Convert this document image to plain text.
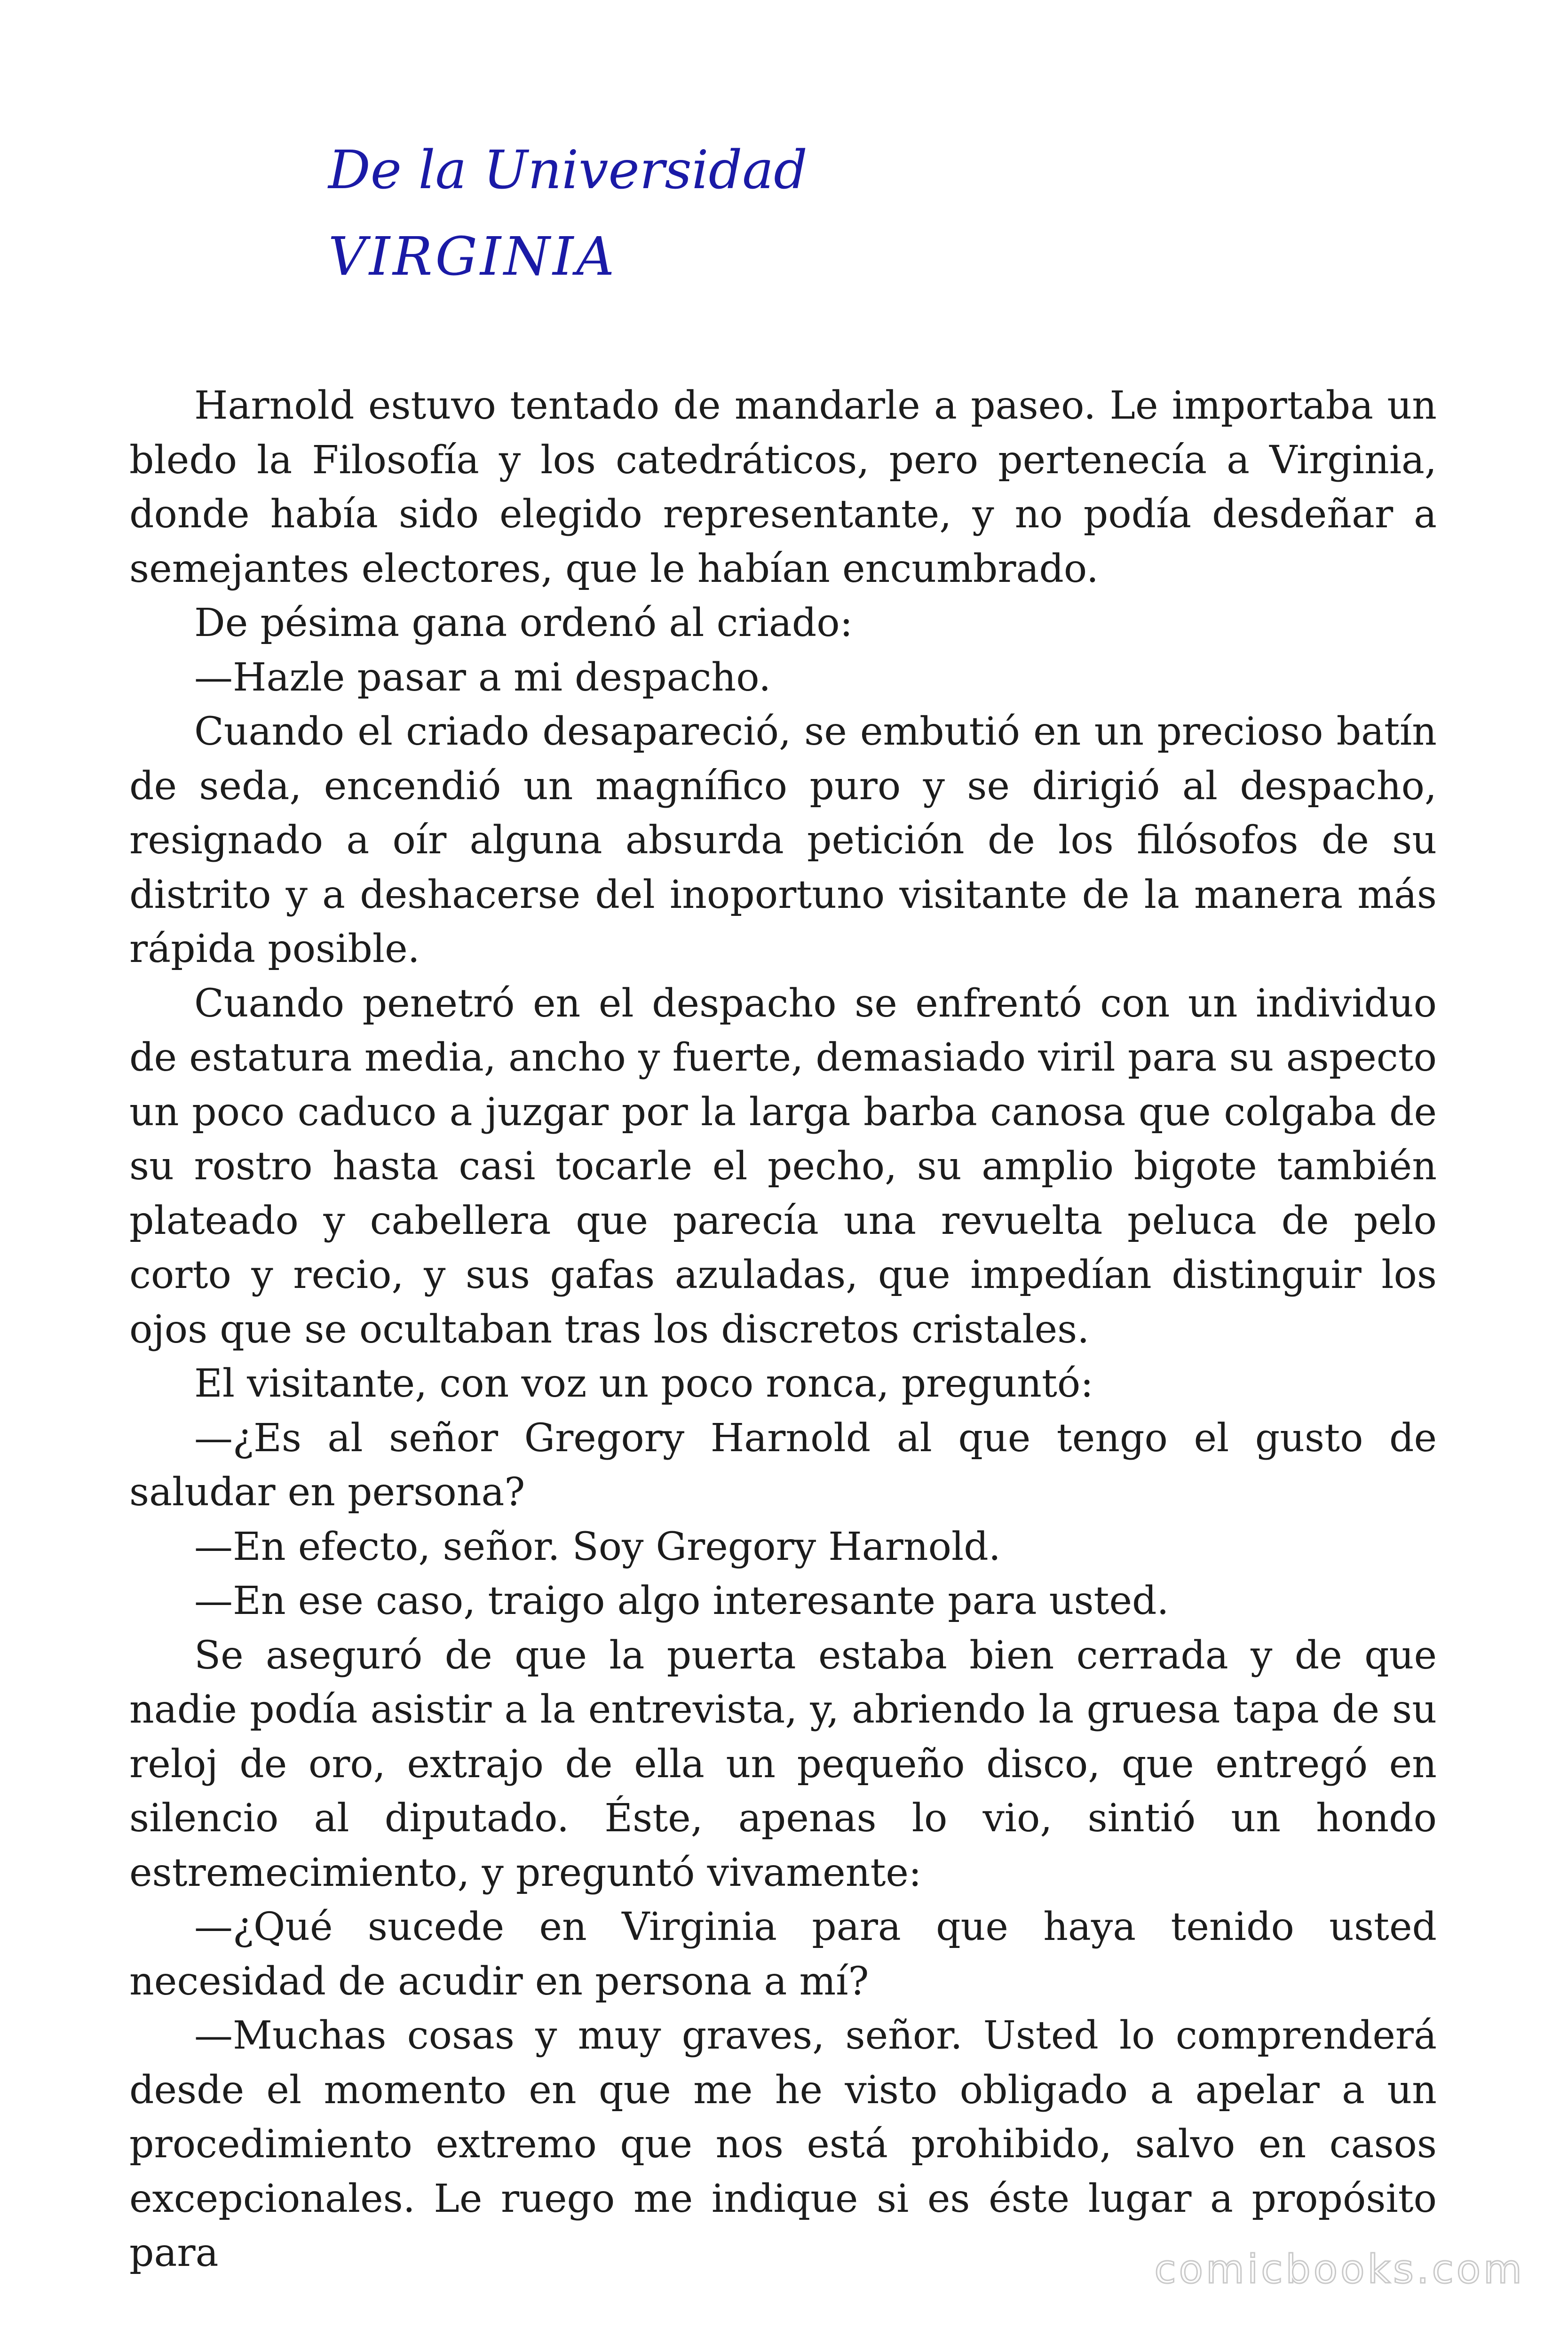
De la Universidad
VIRGINIA

Harnold estuvo tentado de mandarle a paseo. Le importaba un bledo la Filosofía y los catedráticos, pero pertenecía a Virginia, donde había sido elegido representante, y no podía desdeñar a semejantes electores, que le habían encumbrado.

De pésima gana ordenó al criado:

—Hazle pasar a mi despacho.

Cuando el criado desapareció, se embutió en un precioso batín de seda, encendió un magnífico puro y se dirigió al despacho, resignado a oír alguna absurda petición de los filósofos de su distrito y a deshacerse del inoportuno visitante de la manera más rápida posible.

Cuando penetró en el despacho se enfrentó con un individuo de estatura media, ancho y fuerte, demasiado viril para su aspecto un poco caduco a juzgar por la larga barba canosa que colgaba de su rostro hasta casi tocarle el pecho, su amplio bigote también plateado y cabellera que parecía una revuelta peluca de pelo corto y recio, y sus gafas azuladas, que impedían distinguir los ojos que se ocultaban tras los discretos cristales.

El visitante, con voz un poco ronca, preguntó:

—¿Es al señor Gregory Harnold al que tengo el gusto de saludar en persona?

—En efecto, señor. Soy Gregory Harnold.

—En ese caso, traigo algo interesante para usted.

Se aseguró de que la puerta estaba bien cerrada y de que nadie podía asistir a la entrevista, y, abriendo la gruesa tapa de su reloj de oro, extrajo de ella un pequeño disco, que entregó en silencio al diputado. Éste, apenas lo vio, sintió un hondo estremecimiento, y preguntó vivamente:

—¿Qué sucede en Virginia para que haya tenido usted necesidad de acudir en persona a mí?

—Muchas cosas y muy graves, señor. Usted lo comprenderá desde el momento en que me he visto obligado a apelar a un procedimiento extremo que nos está prohibido, salvo en casos excepcionales. Le ruego me indique si es éste lugar a propósito para	comicbooks.com
